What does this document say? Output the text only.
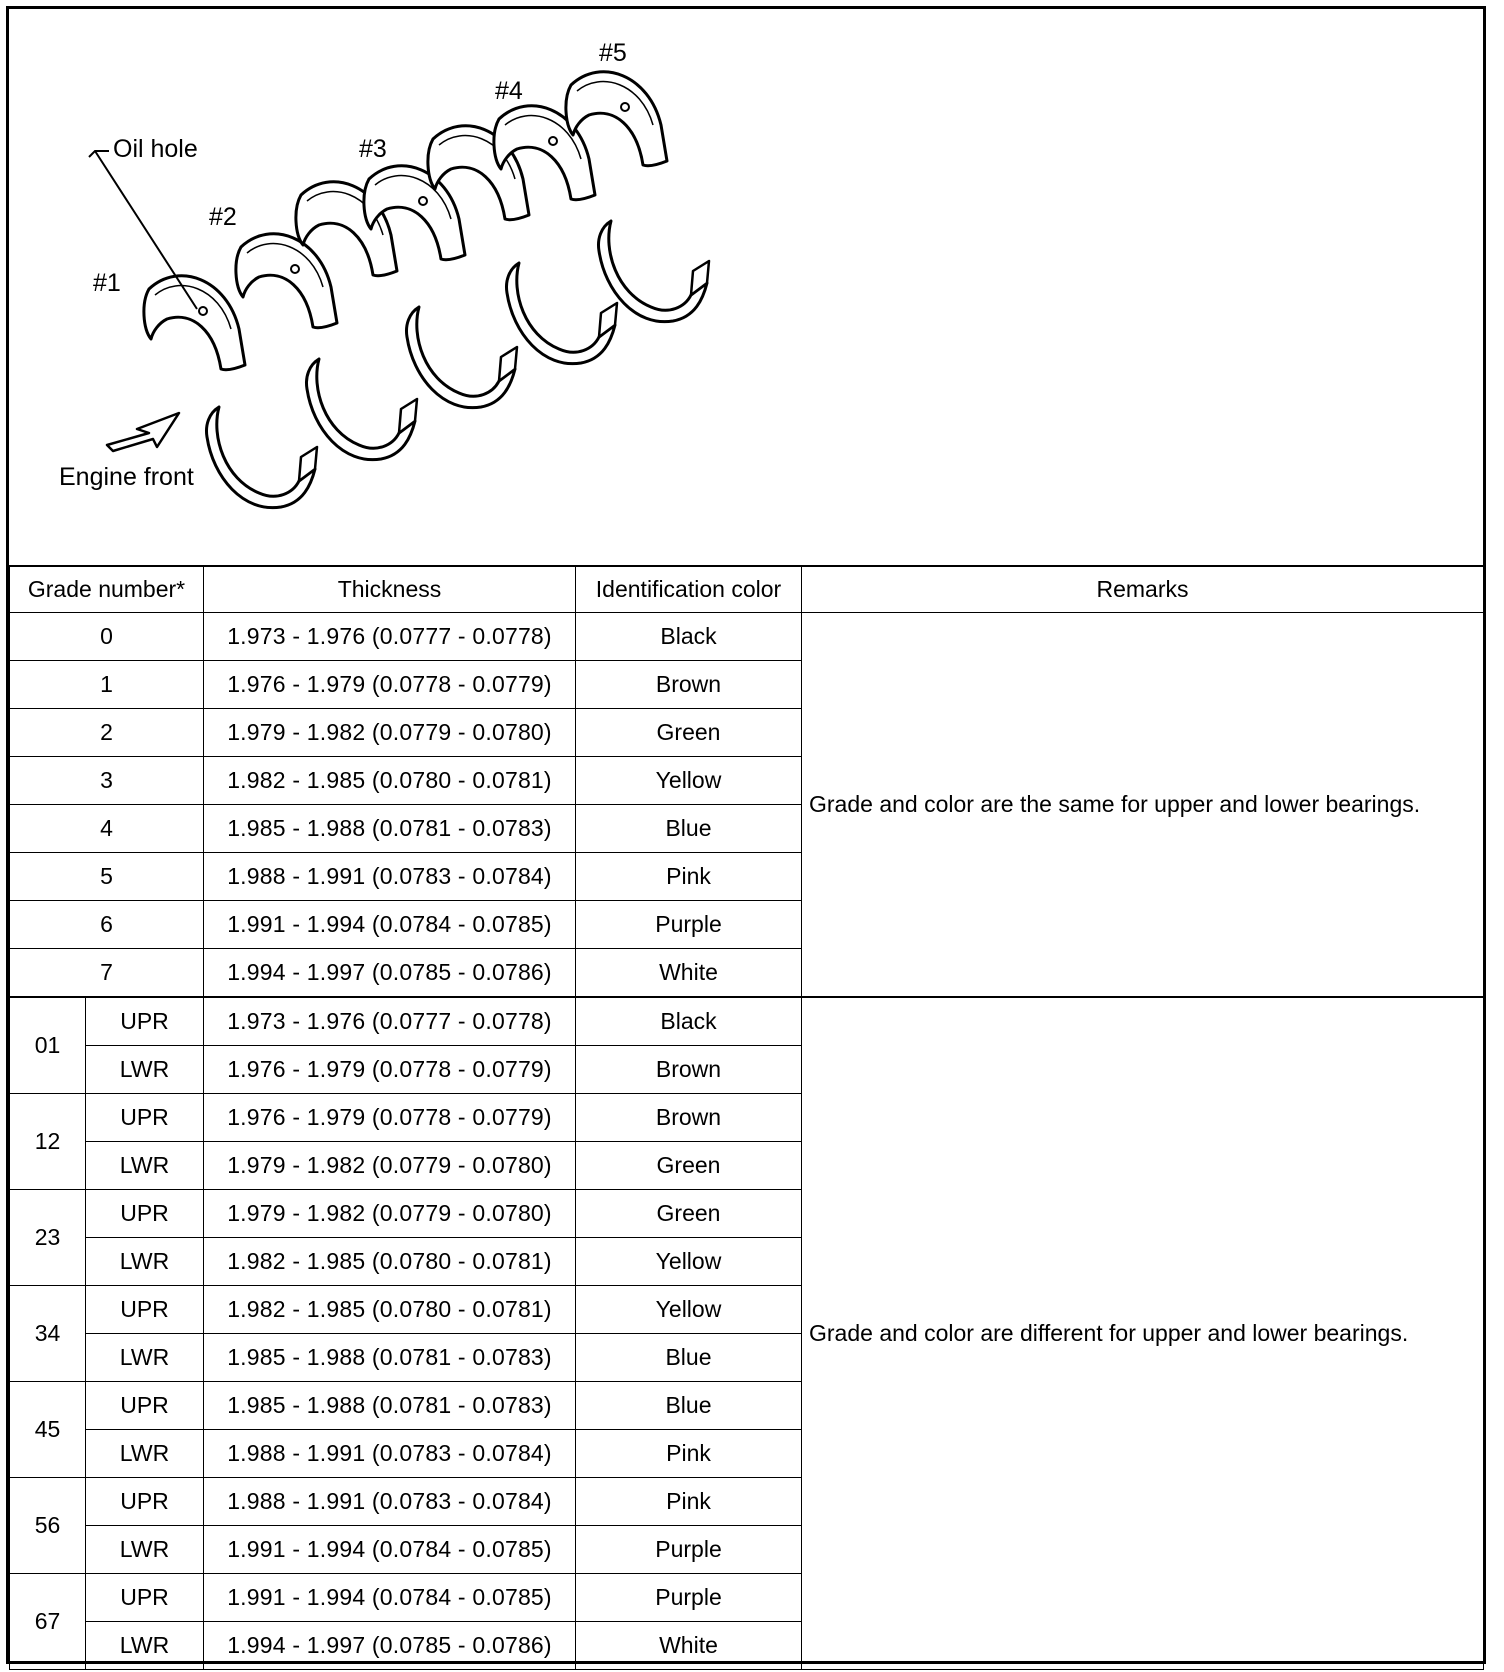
Oil hole
#1
#2
#3
#4
#5
Engine front
Grade number*		Thickness	Identification color	Remarks
0		1.973 - 1.976 (0.0777 - 0.0778)	Black	Grade and color are the same for upper and lower bearings.
1		1.976 - 1.979 (0.0778 - 0.0779)	Brown	
2		1.979 - 1.982 (0.0779 - 0.0780)	Green	
3		1.982 - 1.985 (0.0780 - 0.0781)	Yellow	
4		1.985 - 1.988 (0.0781 - 0.0783)	Blue	
5		1.988 - 1.991 (0.0783 - 0.0784)	Pink	
6		1.991 - 1.994 (0.0784 - 0.0785)	Purple	
7		1.994 - 1.997 (0.0785 - 0.0786)	White	
01	UPR	1.973 - 1.976 (0.0777 - 0.0778)	Black	Grade and color are different for upper and lower bearings.
	LWR	1.976 - 1.979 (0.0778 - 0.0779)	Brown	
12	UPR	1.976 - 1.979 (0.0778 - 0.0779)	Brown	
	LWR	1.979 - 1.982 (0.0779 - 0.0780)	Green	
23	UPR	1.979 - 1.982 (0.0779 - 0.0780)	Green	
	LWR	1.982 - 1.985 (0.0780 - 0.0781)	Yellow	
34	UPR	1.982 - 1.985 (0.0780 - 0.0781)	Yellow	
	LWR	1.985 - 1.988 (0.0781 - 0.0783)	Blue	
45	UPR	1.985 - 1.988 (0.0781 - 0.0783)	Blue	
	LWR	1.988 - 1.991 (0.0783 - 0.0784)	Pink	
56	UPR	1.988 - 1.991 (0.0783 - 0.0784)	Pink	
	LWR	1.991 - 1.994 (0.0784 - 0.0785)	Purple	
67	UPR	1.991 - 1.994 (0.0784 - 0.0785)	Purple	
	LWR	1.994 - 1.997 (0.0785 - 0.0786)	White	
